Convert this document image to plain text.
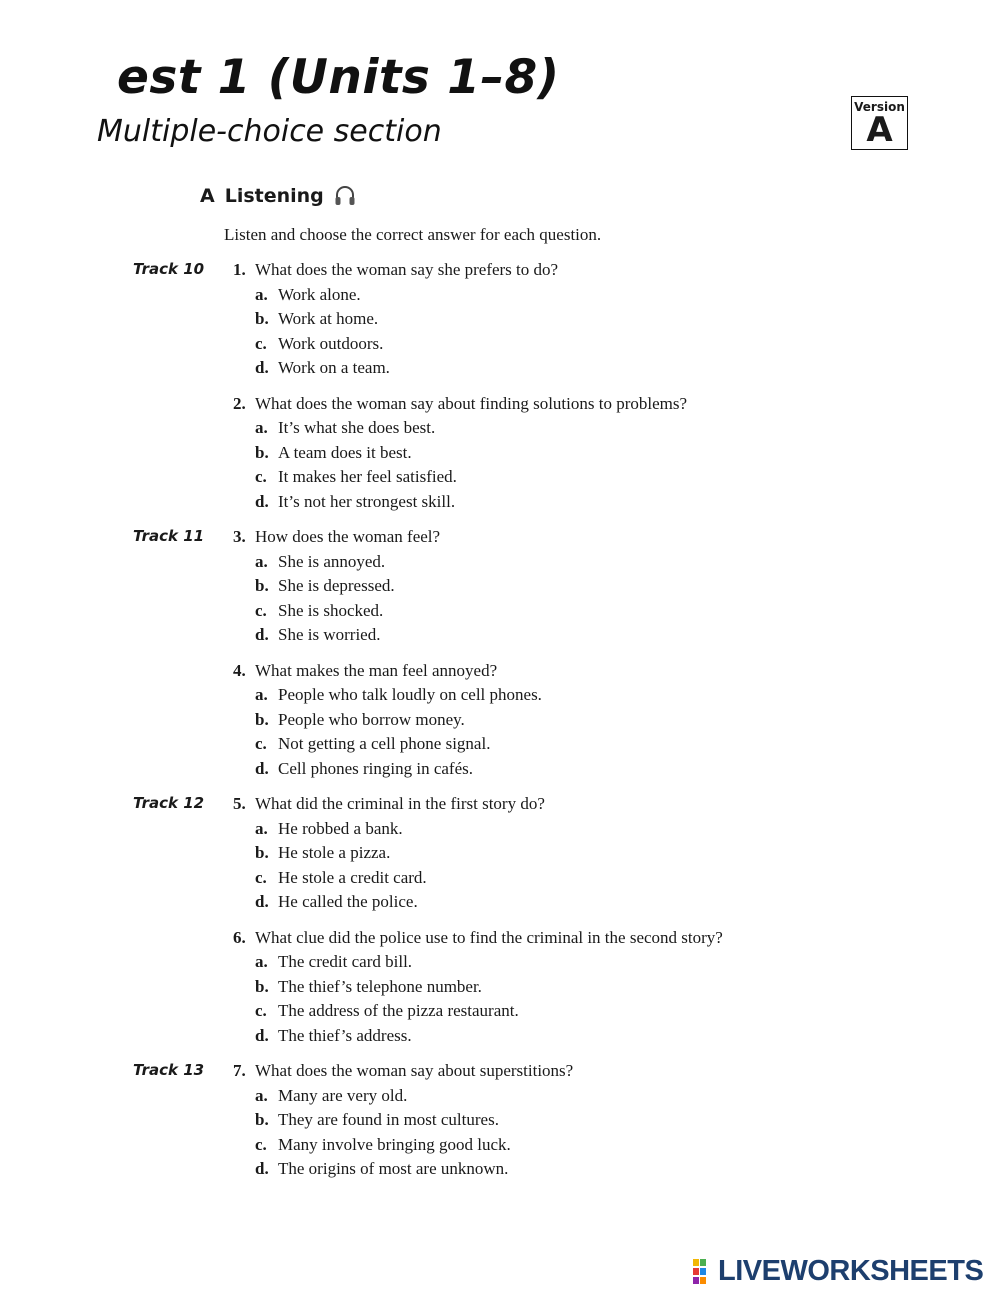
est 1 (Units 1–8)
Multiple-choice section
Version
A
A Listening

Listen and choose the correct answer for each question.

Track 10	1. What does the woman say she prefers to do?
a. Work alone.
b. Work at home.
c. Work outdoors.
d. Work on a team.
2. What does the woman say about finding solutions to problems?
a. It’s what she does best.
b. A team does it best.
c. It makes her feel satisfied.
d. It’s not her strongest skill.
Track 11	3. How does the woman feel?
a. She is annoyed.
b. She is depressed.
c. She is shocked.
d. She is worried.
4. What makes the man feel annoyed?
a. People who talk loudly on cell phones.
b. People who borrow money.
c. Not getting a cell phone signal.
d. Cell phones ringing in cafés.
Track 12	5. What did the criminal in the first story do?
a. He robbed a bank.
b. He stole a pizza.
c. He stole a credit card.
d. He called the police.
6. What clue did the police use to find the criminal in the second story?
a. The credit card bill.
b. The thief’s telephone number.
c. The address of the pizza restaurant.
d. The thief’s address.
Track 13	7. What does the woman say about superstitions?
a. Many are very old.
b. They are found in most cultures.
c. Many involve bringing good luck.
d. The origins of most are unknown.
LIVEWORKSHEETS
